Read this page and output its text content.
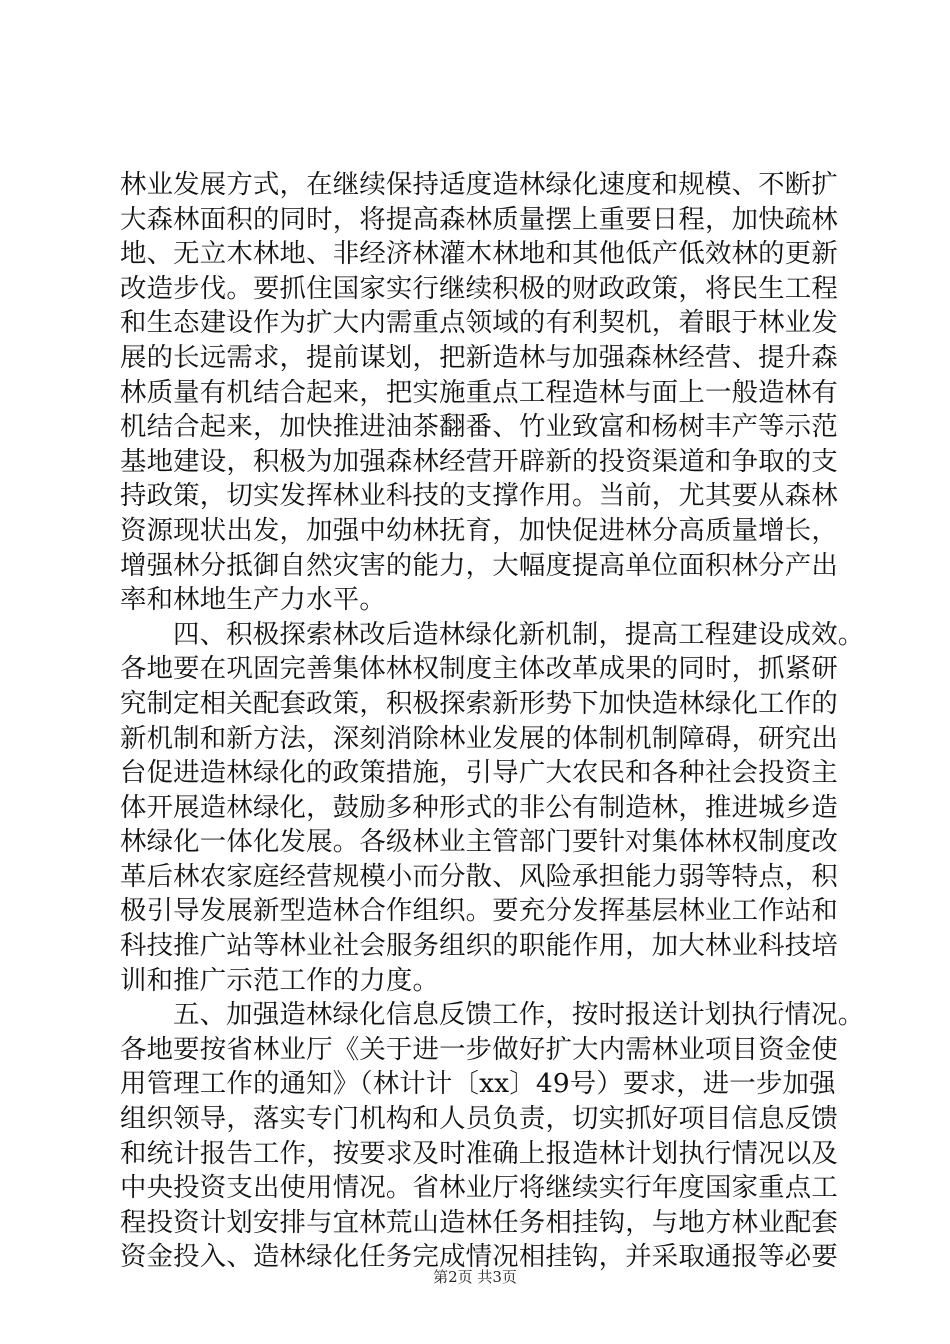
林业发展方式，在继续保持适度造林绿化速度和规模、不断扩
大森林面积的同时，将提高森林质量摆上重要日程，加快疏林
地、无立木林地、非经济林灌木林地和其他低产低效林的更新
改造步伐。要抓住国家实行继续积极的财政政策，将民生工程
和生态建设作为扩大内需重点领域的有利契机，着眼于林业发
展的长远需求，提前谋划，把新造林与加强森林经营、提升森
林质量有机结合起来，把实施重点工程造林与面上一般造林有
机结合起来，加快推进油茶翻番、竹业致富和杨树丰产等示范
基地建设，积极为加强森林经营开辟新的投资渠道和争取的支
持政策，切实发挥林业科技的支撑作用。当前，尤其要从森林
资源现状出发，加强中幼林抚育，加快促进林分高质量增长，
增强林分抵御自然灾害的能力，大幅度提高单位面积林分产出
率和林地生产力水平。
四、积极探索林改后造林绿化新机制，提高工程建设成效。
各地要在巩固完善集体林权制度主体改革成果的同时，抓紧研
究制定相关配套政策，积极探索新形势下加快造林绿化工作的
新机制和新方法，深刻消除林业发展的体制机制障碍，研究出
台促进造林绿化的政策措施，引导广大农民和各种社会投资主
体开展造林绿化，鼓励多种形式的非公有制造林，推进城乡造
林绿化一体化发展。各级林业主管部门要针对集体林权制度改
革后林农家庭经营规模小而分散、风险承担能力弱等特点，积
极引导发展新型造林合作组织。要充分发挥基层林业工作站和
科技推广站等林业社会服务组织的职能作用，加大林业科技培
训和推广示范工作的力度。
五、加强造林绿化信息反馈工作，按时报送计划执行情况。
各地要按省林业厅《关于进一步做好扩大内需林业项目资金使
用管理工作的通知》（林计计〔xx〕49号）要求，进一步加强
组织领导，落实专门机构和人员负责，切实抓好项目信息反馈
和统计报告工作，按要求及时准确上报造林计划执行情况以及
中央投资支出使用情况。省林业厅将继续实行年度国家重点工
程投资计划安排与宜林荒山造林任务相挂钩，与地方林业配套
资金投入、造林绿化任务完成情况相挂钩，并采取通报等必要
第2页 共3页
